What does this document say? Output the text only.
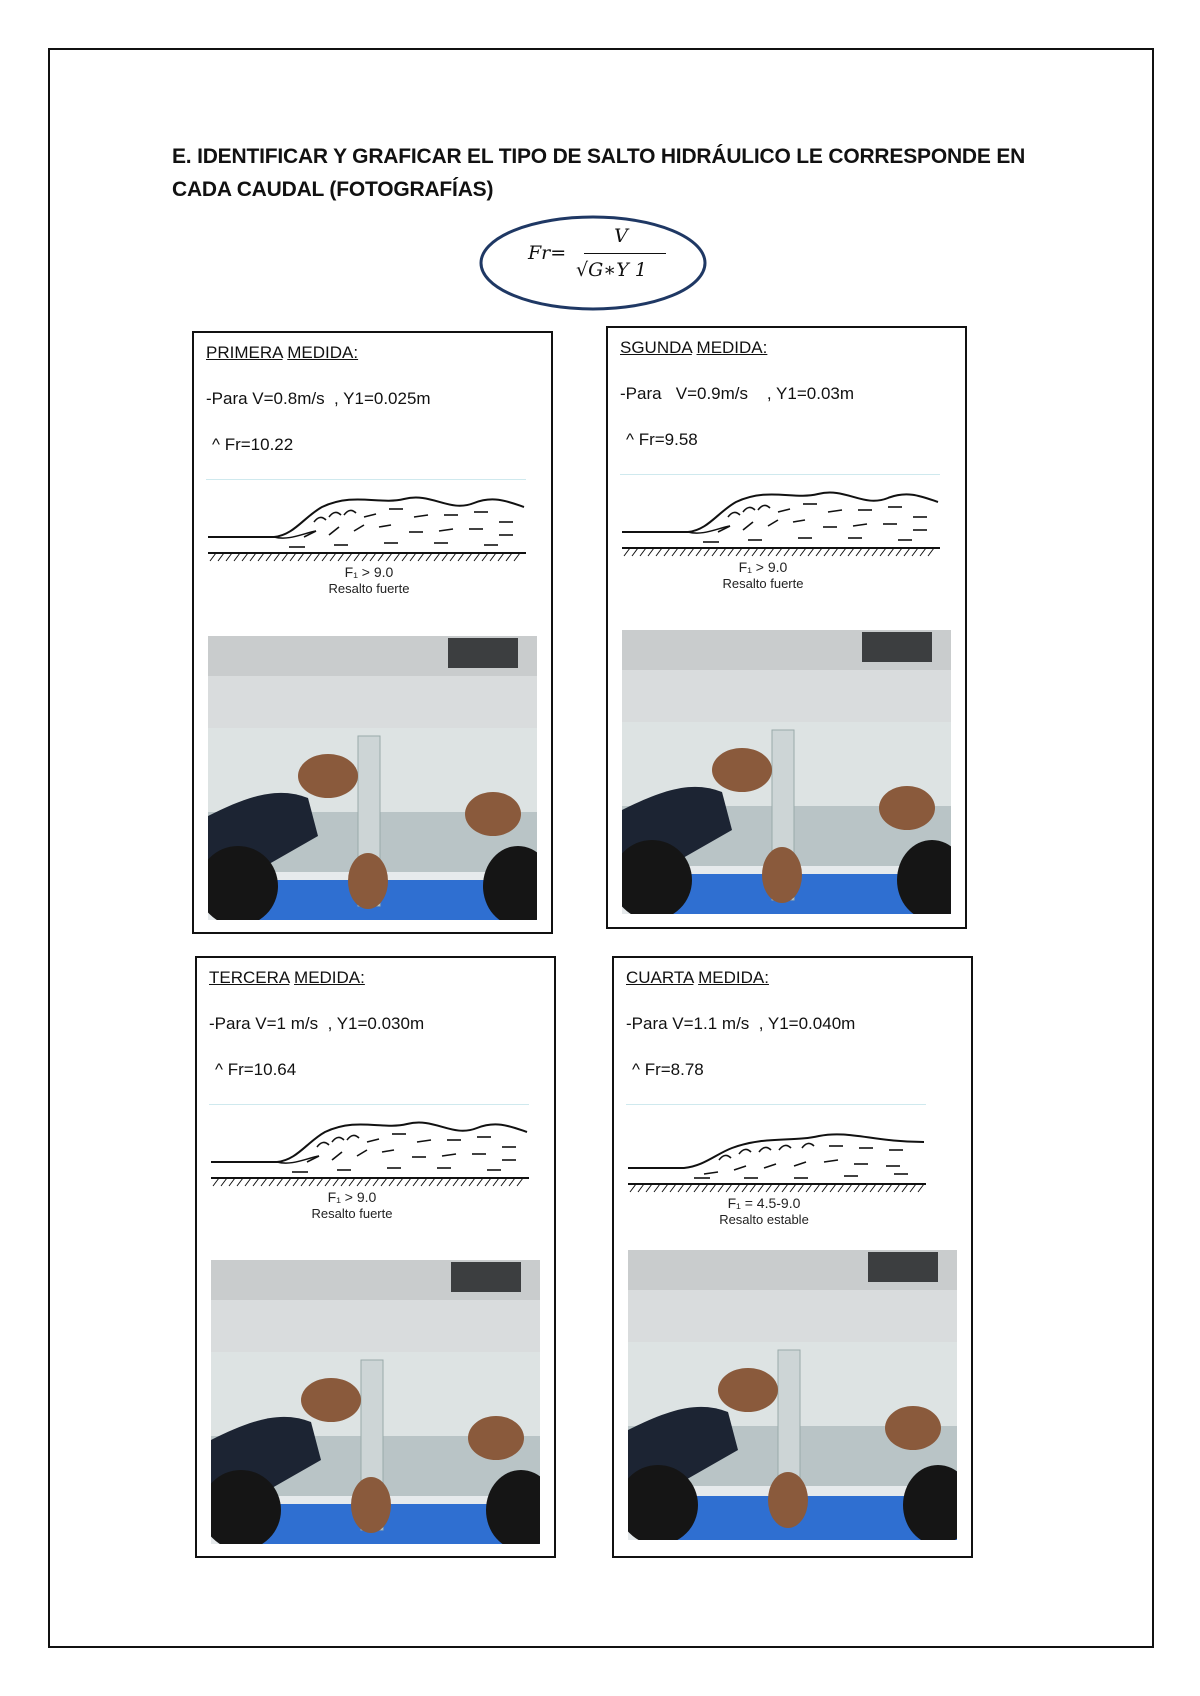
E. IDENTIFICAR Y GRAFICAR EL TIPO DE SALTO HIDRÁULICO LE CORRESPONDE EN
CADA CAUDAL (FOTOGRAFÍAS)
Fr=
V
√G∗Y 1
PRIMERA MEDIDA:
-Para V=0.8m/s  , Y1=0.025m
^ Fr=10.22
F₁ > 9.0
Resalto fuerte
SGUNDA MEDIDA:
-Para   V=0.9m/s    , Y1=0.03m
^ Fr=9.58
F₁ > 9.0
Resalto fuerte
TERCERA MEDIDA:
-Para V=1 m/s  , Y1=0.030m
^ Fr=10.64
F₁ > 9.0
Resalto fuerte
CUARTA MEDIDA:
-Para V=1.1 m/s  , Y1=0.040m
^ Fr=8.78
F₁ = 4.5-9.0
Resalto estable
